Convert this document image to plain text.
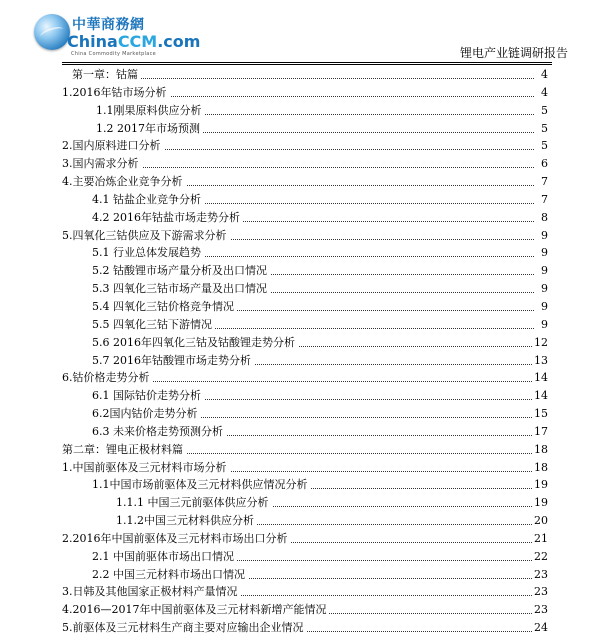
中華商務網
ChinaCCM.com
China Commodity Marketplace	锂电产业链调研报告
第一章：钴篇	4
1.2016年钴市场分析	4
1.1刚果原料供应分析	5
1.2 2017年市场预测	5
2.国内原料进口分析	5
3.国内需求分析	6
4.主要冶炼企业竞争分析	7
4.1 钴盐企业竞争分析	7
4.2 2016年钴盐市场走势分析	8
5.四氧化三钴供应及下游需求分析	9
5.1 行业总体发展趋势	9
5.2 钴酸锂市场产量分析及出口情况	9
5.3 四氧化三钴市场产量及出口情况	9
5.4 四氧化三钴价格竞争情况	9
5.5 四氧化三钴下游情况	9
5.6 2016年四氧化三钴及钴酸锂走势分析	12
5.7 2016年钴酸锂市场走势分析	13
6.钴价格走势分析	14
6.1 国际钴价走势分析	14
6.2国内钴价走势分析	15
6.3 未来价格走势预测分析	17
第二章：锂电正极材料篇	18
1.中国前驱体及三元材料市场分析	18
1.1中国市场前驱体及三元材料供应情况分析	19
1.1.1 中国三元前驱体供应分析	19
1.1.2中国三元材料供应分析	20
2.2016年中国前驱体及三元材料市场出口分析	21
2.1 中国前驱体市场出口情况	22
2.2 中国三元材料市场出口情况	23
3.日韩及其他国家正极材料产量情况	23
4.2016—2017年中国前驱体及三元材料新增产能情况	23
5.前驱体及三元材料生产商主要对应输出企业情况	24
